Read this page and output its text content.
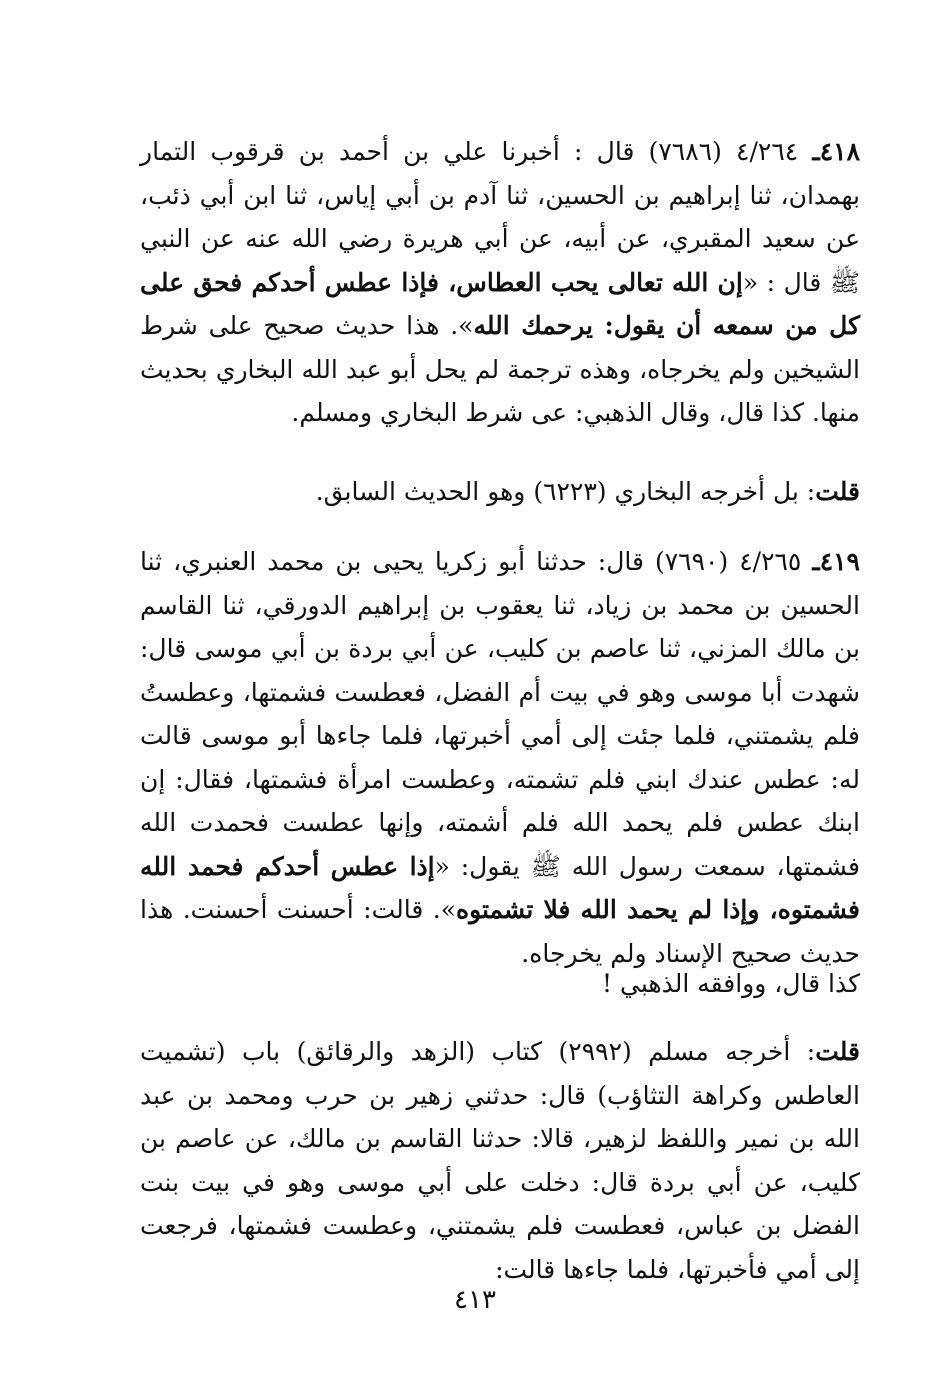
٤١٨ـ ٤/٢٦٤ (٧٦٨٦) قال : أخبرنا علي بن أحمد بن قرقوب التمار بهمدان، ثنا إبراهيم بن الحسين، ثنا آدم بن أبي إياس، ثنا ابن أبي ذئب، عن سعيد المقبري، عن أبيه، عن أبي هريرة رضي الله عنه عن النبي ﷺ قال : «إن الله تعالى يحب العطاس، فإذا عطس أحدكم فحق على كل من سمعه أن يقول: يرحمك الله». هذا حديث صحيح على شرط الشيخين ولم يخرجاه، وهذه ترجمة لم يحل أبو عبد الله البخاري بحديث منها. كذا قال، وقال الذهبي: عى شرط البخاري ومسلم.
قلت: بل أخرجه البخاري (٦٢٢٣) وهو الحديث السابق.
٤١٩ـ ٤/٢٦٥ (٧٦٩٠) قال: حدثنا أبو زكريا يحيى بن محمد العنبري، ثنا الحسين بن محمد بن زياد، ثنا يعقوب بن إبراهيم الدورقي، ثنا القاسم بن مالك المزني، ثنا عاصم بن كليب، عن أبي بردة بن أبي موسى قال: شهدت أبا موسى وهو في بيت أم الفضل، فعطست فشمتها، وعطستُ فلم يشمتني، فلما جئت إلى أمي أخبرتها، فلما جاءها أبو موسى قالت له: عطس عندك ابني فلم تشمته، وعطست امرأة فشمتها، فقال: إن ابنك عطس فلم يحمد الله فلم أشمته، وإنها عطست فحمدت الله فشمتها، سمعت رسول الله ﷺ يقول: «إذا عطس أحدكم فحمد الله فشمتوه، وإذا لم يحمد الله فلا تشمتوه». قالت: أحسنت أحسنت. هذا حديث صحيح الإسناد ولم يخرجاه.
كذا قال، ووافقه الذهبي !
قلت: أخرجه مسلم (٢٩٩٢) كتاب (الزهد والرقائق) باب (تشميت العاطس وكراهة التثاؤب) قال: حدثني زهير بن حرب ومحمد بن عبد الله بن نمير واللفظ لزهير، قالا: حدثنا القاسم بن مالك، عن عاصم بن كليب، عن أبي بردة قال: دخلت على أبي موسى وهو في بيت بنت الفضل بن عباس، فعطست فلم يشمتني، وعطست فشمتها، فرجعت إلى أمي فأخبرتها، فلما جاءها قالت:
٤١٣
